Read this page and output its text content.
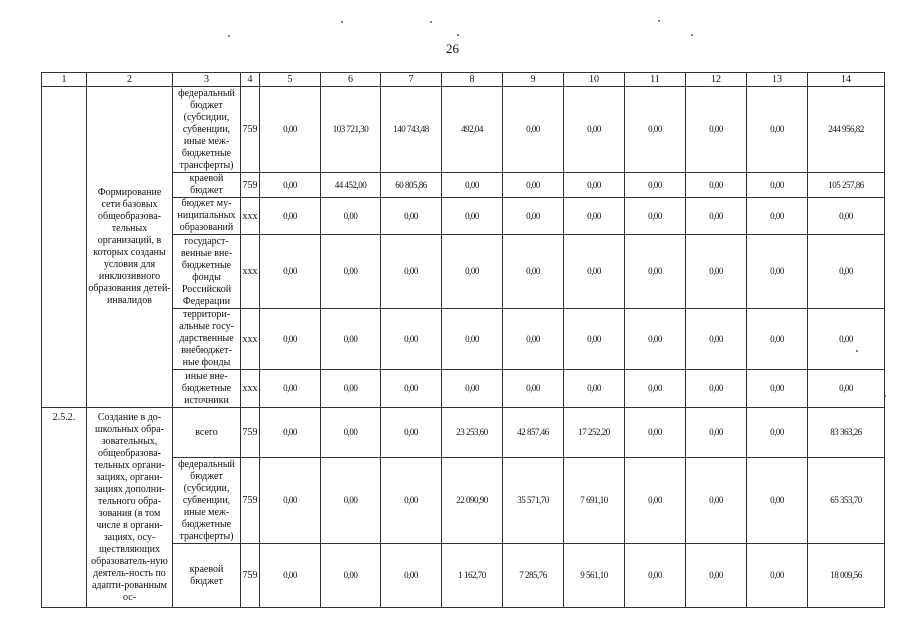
26
1	2	3	4	5	6	7	8	9	10	11	12	13	14
	Формирование сети базовых общеобразова-тельных организаций, в которых созданы условия для инклюзивного образования детей-инвалидов	федеральный бюджет (субсидии, субвенции, иные меж-бюджетные трансферты)	759	0,00	103 721,30	140 743,48	492,04	0,00	0,00	0,00	0,00	0,00	244 956,82
		краевой бюджет	759	0,00	44 452,00	60 805,86	0,00	0,00	0,00	0,00	0,00	0,00	105 257,86
		бюджет му-ниципальных образований	xxx	0,00	0,00	0,00	0,00	0,00	0,00	0,00	0,00	0,00	0,00
		государст-венные вне-бюджетные фонды Российской Федерации	xxx	0,00	0,00	0,00	0,00	0,00	0,00	0,00	0,00	0,00	0,00
		территори-альные госу-дарственные внебюджет-ные фонды	xxx	0,00	0,00	0,00	0,00	0,00	0,00	0,00	0,00	0,00	0,00
		иные вне-бюджетные источники	xxx	0,00	0,00	0,00	0,00	0,00	0,00	0,00	0,00	0,00	0,00
2.5.2.	Создание в до-школьных обра-зовательных, общеобразова-тельных органи-зациях, органи-зациях дополни-тельного обра-зования (в том числе в органи-зациях, осу-ществляющих образователь-ную деятель-ность по адапти-рованным ос-	всего	759	0,00	0,00	0,00	23 253,60	42 857,46	17 252,20	0,00	0,00	0,00	83 363,26
		федеральный бюджет (субсидии, субвенции, иные меж-бюджетные трансферты)	759	0,00	0,00	0,00	22 090,90	35 571,70	7 691,10	0,00	0,00	0,00	65 353,70
		краевой бюджет	759	0,00	0,00	0,00	1 162,70	7 285,76	9 561,10	0,00	0,00	0,00	18 009,56
